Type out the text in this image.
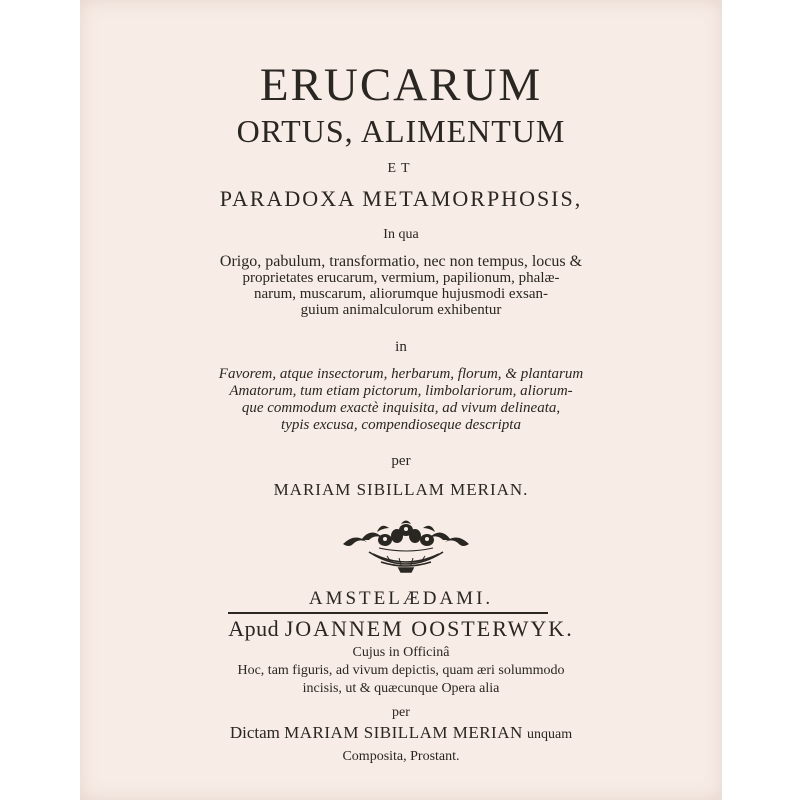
ERUCARUM
ORTUS, ALIMENTUM
ET
PARADOXA METAMORPHOSIS,
In qua
Origo, pabulum, transformatio, nec non tempus, locus &
proprietates erucarum, vermium, papilionum, phalæ-
narum, muscarum, aliorumque hujusmodi exsan-
guium animalculorum exhibentur
in
Favorem, atque insectorum, herbarum, florum, & plantarum
Amatorum, tum etiam pictorum, limbolariorum, aliorum-
que commodum exactè inquisita, ad vivum delineata,
typis excusa, compendioseque descripta
per
MARIAM SIBILLAM MERIAN.
AMSTELÆDAMI.
Apud JOANNEM OOSTERWYK.
Cujus in Officinâ
Hoc, tam figuris, ad vivum depictis, quam æri solummodo
incisis, ut & quæcunque Opera alia
per
Dictam MARIAM SIBILLAM MERIAN unquam
Composita, Prostant.
